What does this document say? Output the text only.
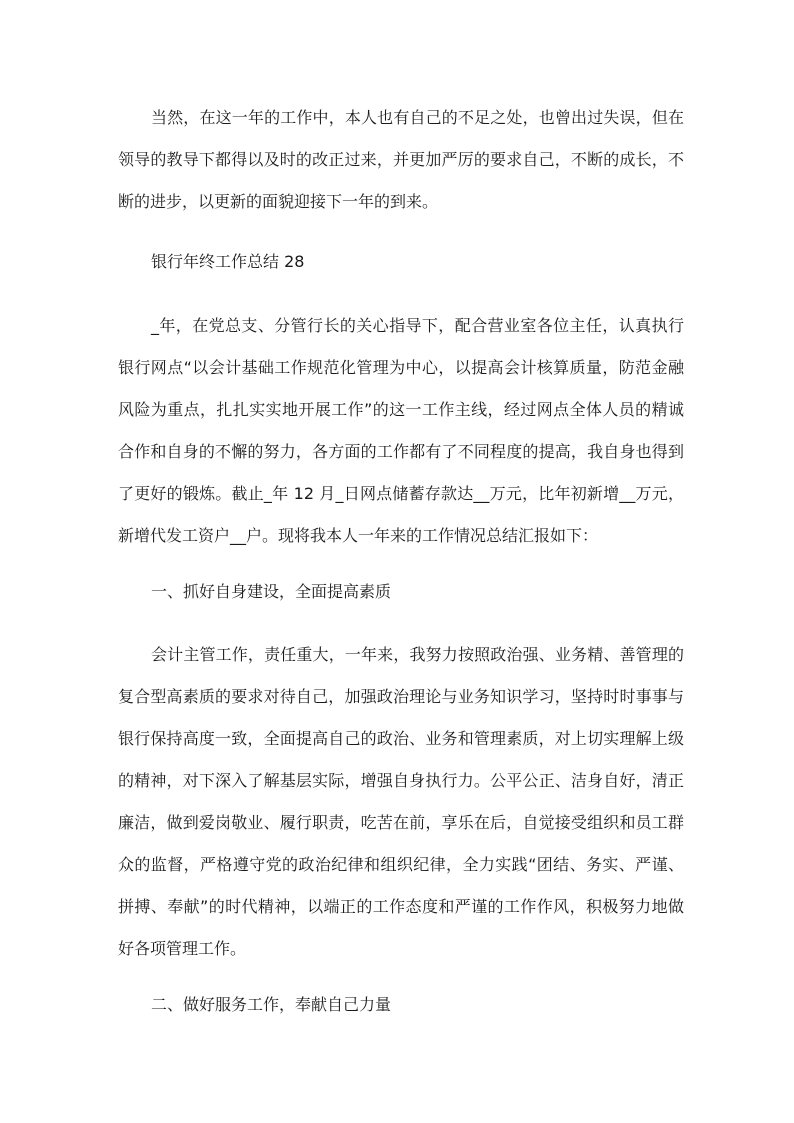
当然，在这一年的工作中，本人也有自己的不足之处，也曾出过失误，但在
领导的教导下都得以及时的改正过来，并更加严厉的要求自己，不断的成长，不
断的进步，以更新的面貌迎接下一年的到来。
银行年终工作总结 28
_年，在党总支、分管行长的关心指导下，配合营业室各位主任，认真执行
银行网点“以会计基础工作规范化管理为中心，以提高会计核算质量，防范金融
风险为重点，扎扎实实地开展工作”的这一工作主线，经过网点全体人员的精诚
合作和自身的不懈的努力，各方面的工作都有了不同程度的提高，我自身也得到
了更好的锻炼。截止_年 12 月_日网点储蓄存款达__万元，比年初新增__万元，
新增代发工资户__户。现将我本人一年来的工作情况总结汇报如下：
一、抓好自身建设，全面提高素质
会计主管工作，责任重大，一年来，我努力按照政治强、业务精、善管理的
复合型高素质的要求对待自己，加强政治理论与业务知识学习，坚持时时事事与
银行保持高度一致，全面提高自己的政治、业务和管理素质，对上切实理解上级
的精神，对下深入了解基层实际，增强自身执行力。公平公正、洁身自好，清正
廉洁，做到爱岗敬业、履行职责，吃苦在前，享乐在后，自觉接受组织和员工群
众的监督，严格遵守党的政治纪律和组织纪律，全力实践“团结、务实、严谨、
拼搏、奉献”的时代精神，以端正的工作态度和严谨的工作作风，积极努力地做
好各项管理工作。
二、做好服务工作，奉献自己力量
